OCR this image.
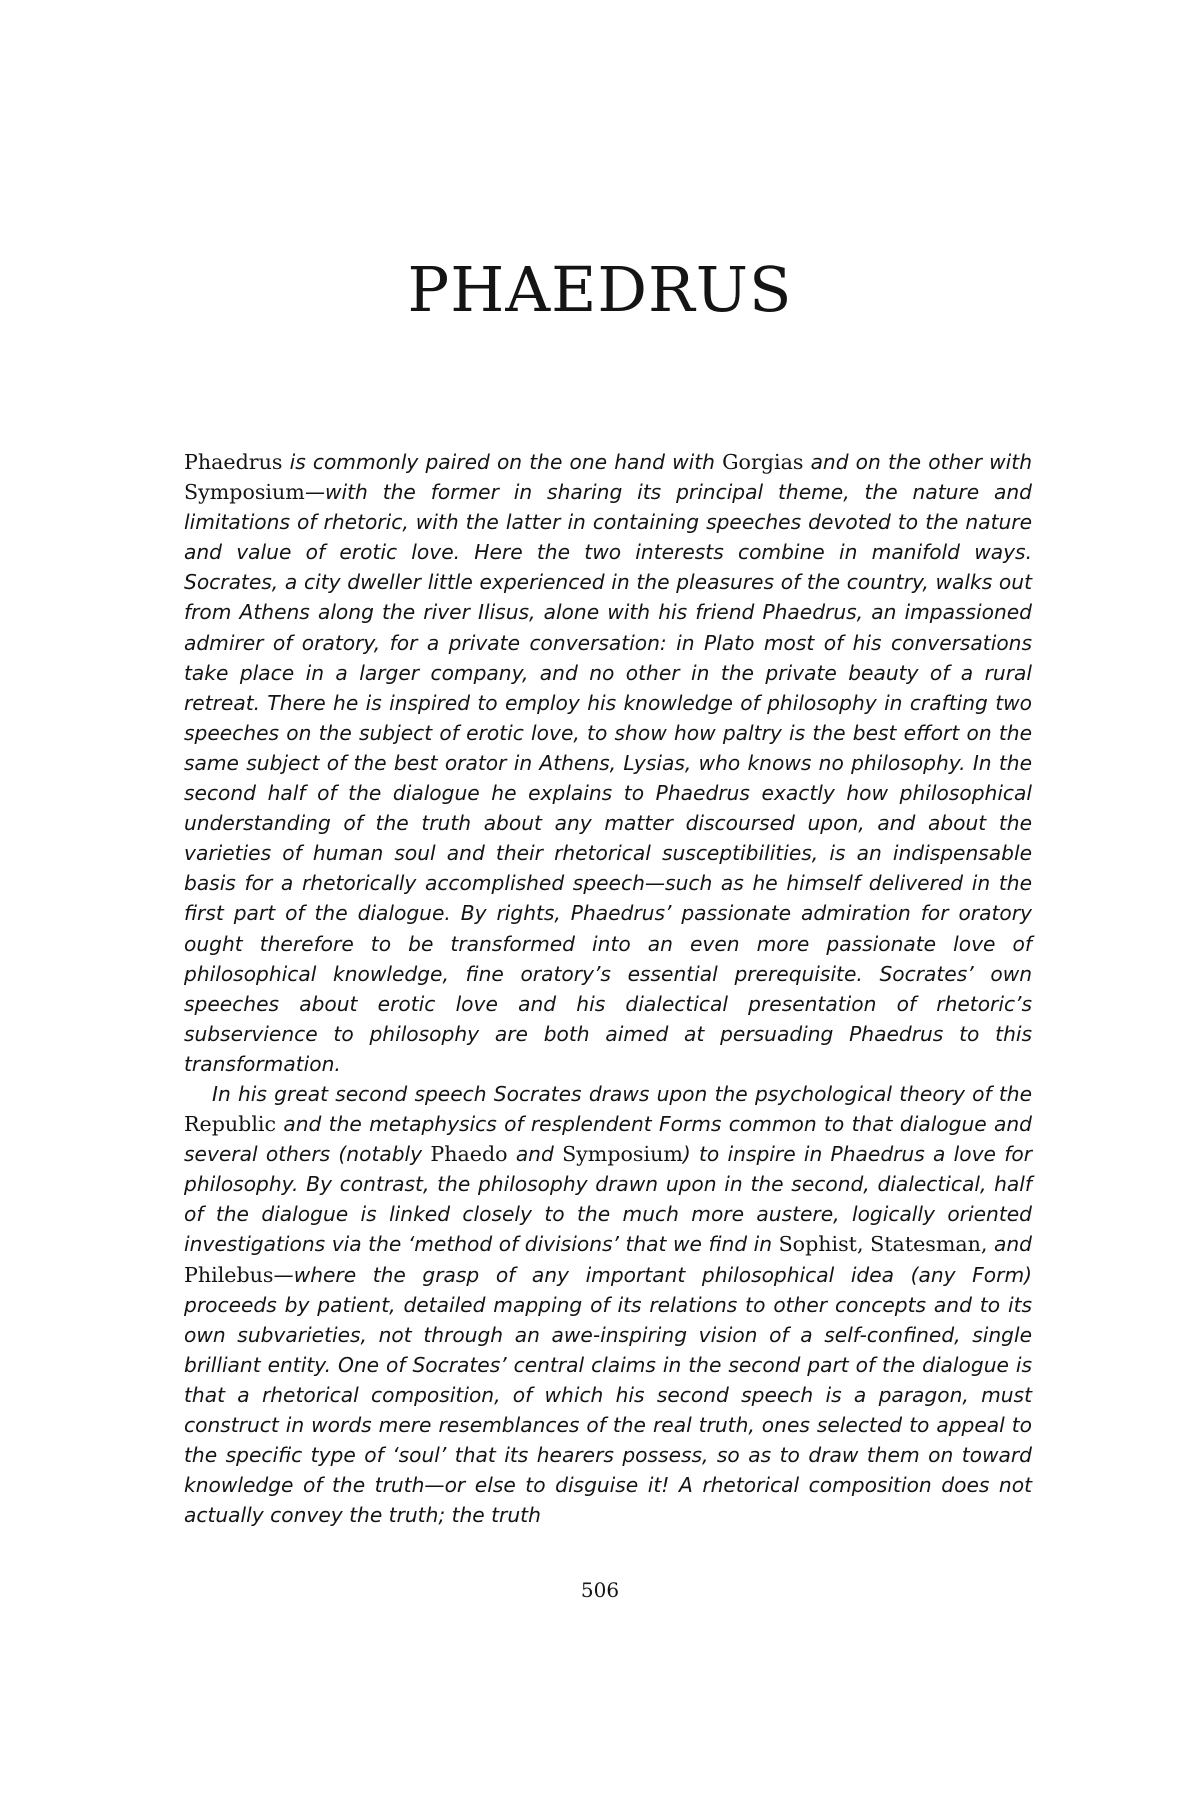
PHAEDRUS

Phaedrus is commonly paired on the one hand with Gorgias and on the other with Symposium—with the former in sharing its principal theme, the nature and limitations of rhetoric, with the latter in containing speeches devoted to the nature and value of erotic love. Here the two interests combine in manifold ways. Socrates, a city dweller little experienced in the pleasures of the country, walks out from Athens along the river Ilisus, alone with his friend Phaedrus, an impassioned admirer of oratory, for a private conversation: in Plato most of his conversations take place in a larger company, and no other in the private beauty of a rural retreat. There he is inspired to employ his knowledge of philosophy in crafting two speeches on the subject of erotic love, to show how paltry is the best effort on the same subject of the best orator in Athens, Lysias, who knows no philosophy. In the second half of the dialogue he explains to Phaedrus exactly how philosophical understanding of the truth about any matter discoursed upon, and about the varieties of human soul and their rhetorical susceptibilities, is an indispensable basis for a rhetorically accomplished speech—such as he himself delivered in the first part of the dialogue. By rights, Phaedrus’ passionate admiration for oratory ought therefore to be transformed into an even more passionate love of philosophical knowledge, fine oratory’s essential prerequisite. Socrates’ own speeches about erotic love and his dialectical presentation of rhetoric’s subservience to philosophy are both aimed at persuading Phaedrus to this transformation.

In his great second speech Socrates draws upon the psychological theory of the Republic and the metaphysics of resplendent Forms common to that dialogue and several others (notably Phaedo and Symposium) to inspire in Phaedrus a love for philosophy. By contrast, the philosophy drawn upon in the second, dialectical, half of the dialogue is linked closely to the much more austere, logically oriented investigations via the ‘method of divisions’ that we find in Sophist, Statesman, and Philebus—where the grasp of any important philosophical idea (any Form) proceeds by patient, detailed mapping of its relations to other concepts and to its own subvarieties, not through an awe-inspiring vision of a self-confined, single brilliant entity. One of Socrates’ central claims in the second part of the dialogue is that a rhetorical composition, of which his second speech is a paragon, must construct in words mere resemblances of the real truth, ones selected to appeal to the specific type of ‘soul’ that its hearers possess, so as to draw them on toward knowledge of the truth—or else to disguise it! A rhetorical composition does not actually convey the truth; the truth

506
